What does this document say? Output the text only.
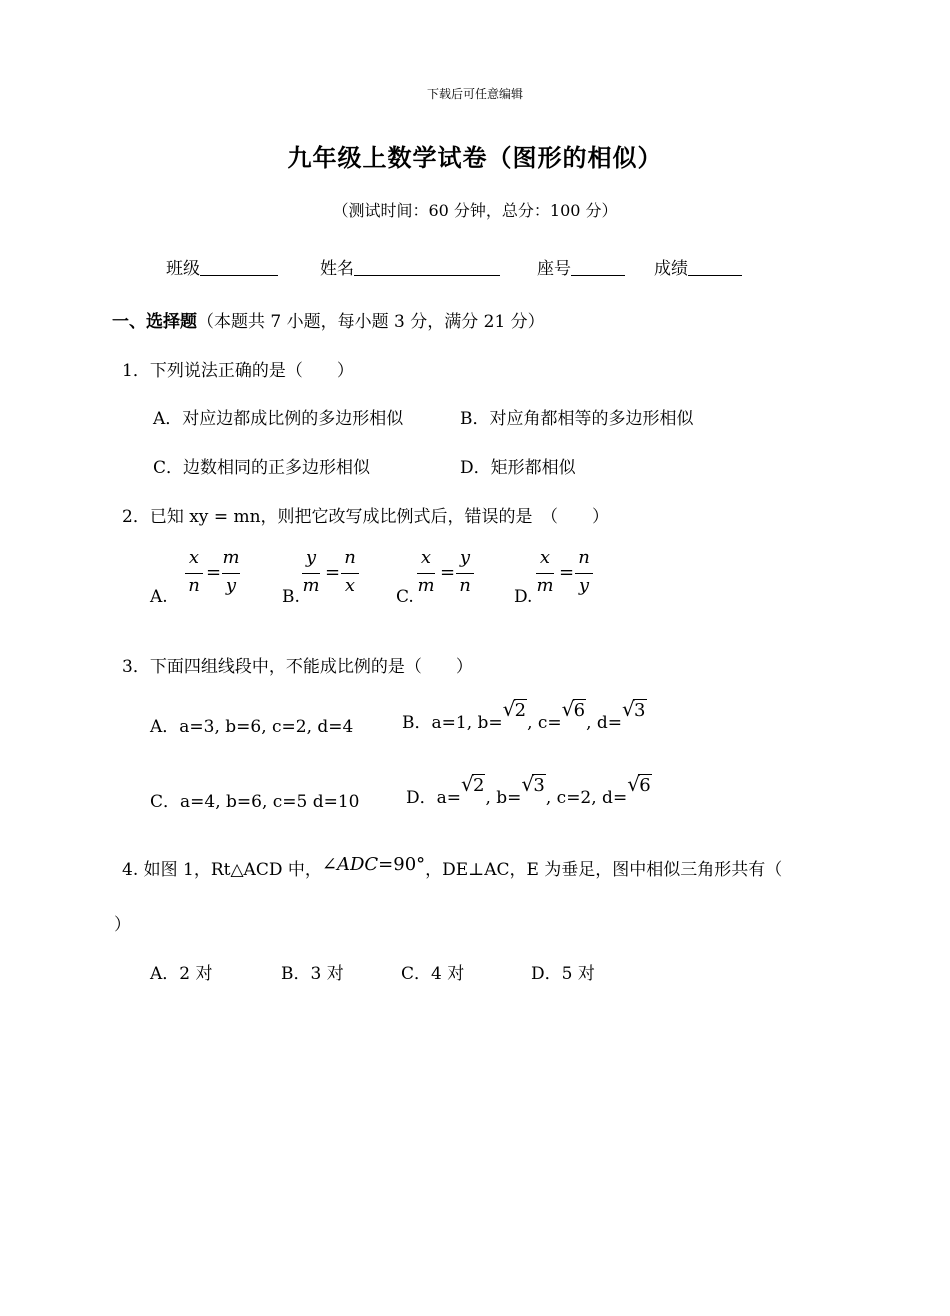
下载后可任意编辑
九年级上数学试卷（图形的相似）
（测试时间：60 分钟，总分：100 分）
班级	姓名	座号	成绩
一、选择题（本题共 7 小题，每小题 3 分，满分 21 分）
1．下列说法正确的是（　　）
A．对应边都成比例的多边形相似	B．对应角都相等的多边形相似
C．边数相同的正多边形相似	D．矩形都相似
2．已知 xy = mn，则把它改写成比例式后，错误的是　（　　）
A.
x
n
=
m
y
B.
y
m
=
n
x
C.
x
m
=
y
n
D.
x
m
=
n
y
3．下面四组线段中，不能成比例的是（　　）
A．a=3, b=6, c=2, d=4	B．a=1, b=
√ 2, c=
√ 6, d=
√ 3
C．a=4, b=6, c=5 d=10	D．a=
√ 2, b=
√ 3, c=2, d=
√ 6
4. 如图 1，Rt△ACD 中，∠ADC=90°，DE⊥AC，E 为垂足，图中相似三角形共有（
）
A．2 对	B．3 对	C．4 对	D．5 对
